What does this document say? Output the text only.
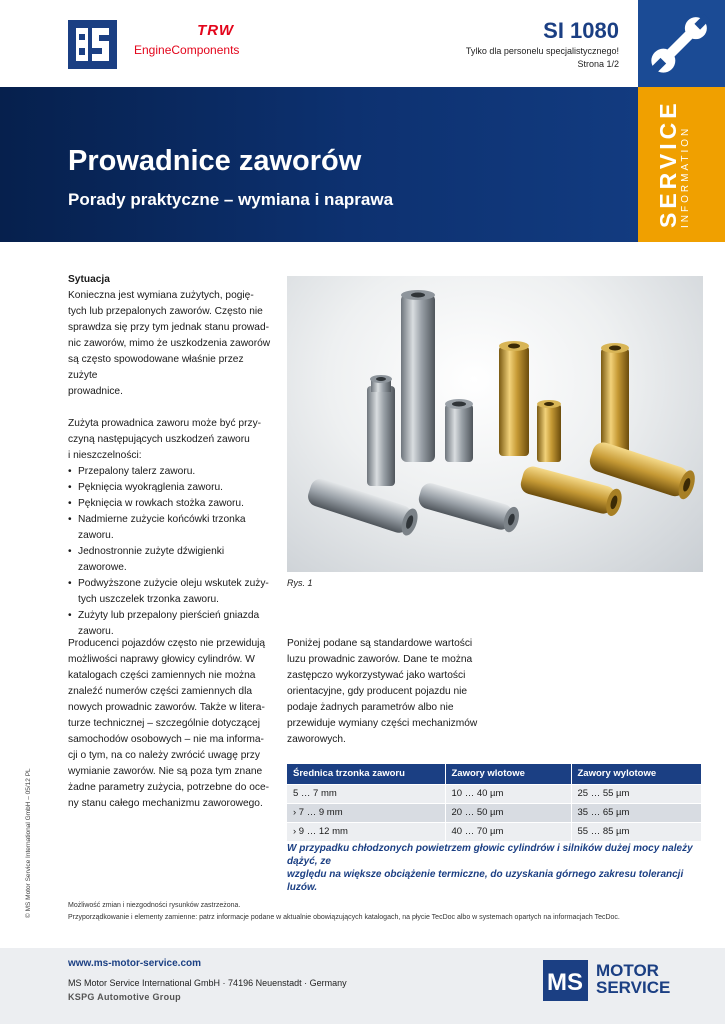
TRW
EngineComponents
SI 1080
Tylko dla personelu specjalistycznego!
Strona 1/2
Prowadnice zaworów
Porady praktyczne – wymiana i naprawa	SERVICE INFORMATION
Sytuacja
Konieczna jest wymiana zużytych, pogię-
tych lub przepalonych zaworów. Często nie
sprawdza się przy tym jednak stanu prowad-
nic zaworów, mimo że uszkodzenia zaworów
są często spowodowane właśnie przez zużyte
prowadnice.
Zużyta prowadnica zaworu może być przy-
czyną następujących uszkodzeń zaworu
i nieszczelności:
• Przepalony talerz zaworu.
• Pęknięcia wyokrąglenia zaworu.
• Pęknięcia w rowkach stożka zaworu.
• Nadmierne zużycie końcówki trzonka
zaworu.
• Jednostronnie zużyte dźwigienki zaworowe.
• Podwyższone zużycie oleju wskutek zuży-
tych uszczelek trzonka zaworu.
• Zużyty lub przepalony pierścień gniazda
zaworu.
Rys. 1
Producenci pojazdów często nie przewidują
możliwości naprawy głowicy cylindrów. W
katalogach części zamiennych nie można
znaleźć numerów części zamiennych dla
nowych prowadnic zaworów. Także w litera-
turze technicznej – szczególnie dotyczącej
samochodów osobowych – nie ma informa-
cji o tym, na co należy zwrócić uwagę przy
wymianie zaworów. Nie są poza tym znane
żadne parametry zużycia, potrzebne do oce-
ny stanu całego mechanizmu zaworowego.
Poniżej podane są standardowe wartości
luzu prowadnic zaworów. Dane te można
zastępczo wykorzystywać jako wartości
orientacyjne, gdy producent pojazdu nie
podaje żadnych parametrów albo nie
przewiduje wymiany części mechanizmów
zaworowych.
Średnica trzonka zaworu	Zawory wlotowe	Zawory wylotowe
5 … 7 mm	10 … 40 µm	25 … 55 µm
› 7 … 9 mm	20 … 50 µm	35 … 65 µm
› 9 … 12 mm	40 … 70 µm	55 … 85 µm
W przypadku chłodzonych powietrzem głowic cylindrów i silników dużej mocy należy dążyć, ze
względu na większe obciążenie termiczne, do uzyskania górnego zakresu tolerancji luzów.
© MS Motor Service International GmbH – 05/12 PL	Możliwość zmian i niezgodności rysunków zastrzeżona.
Przyporządkowanie i elementy zamienne: patrz informacje podane w aktualnie obowiązujących katalogach, na płycie TecDoc albo w systemach opartych na informacjach TecDoc.
www.ms-motor-service.com
MS Motor Service International GmbH · 74196 Neuenstadt · Germany
KSPG Automotive Group
MS MOTOR
SERVICE
